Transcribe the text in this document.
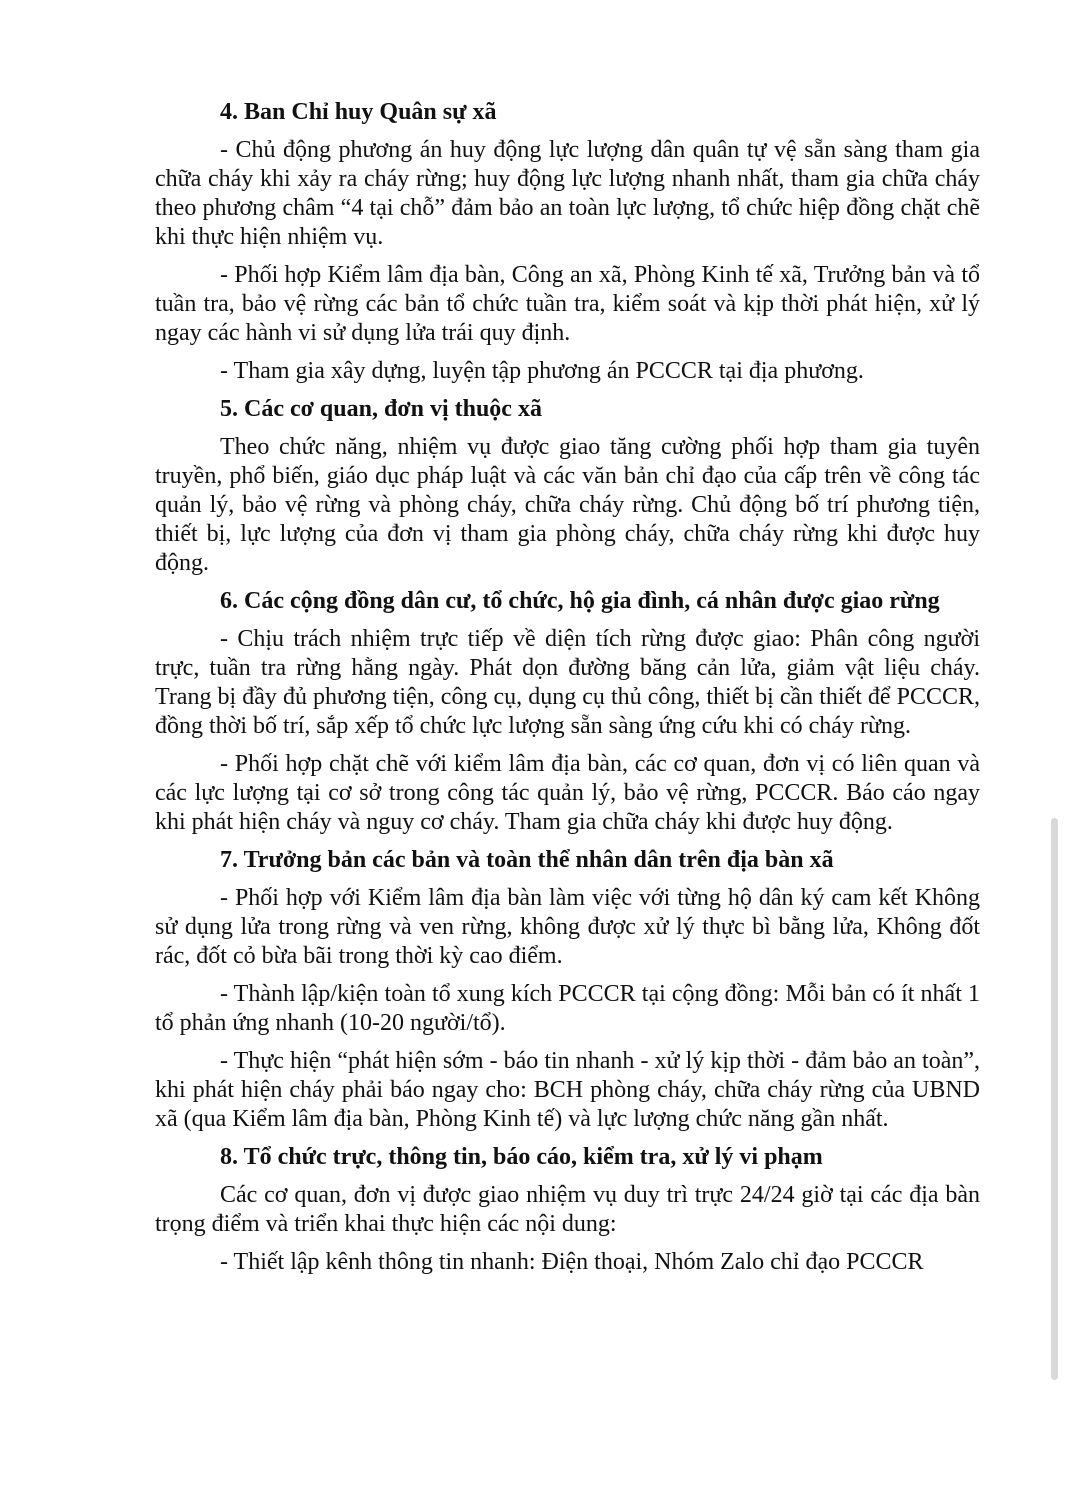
4. Ban Chỉ huy Quân sự xã
- Chủ động phương án huy động lực lượng dân quân tự vệ sẵn sàng tham gia chữa cháy khi xảy ra cháy rừng; huy động lực lượng nhanh nhất, tham gia chữa cháy theo phương châm “4 tại chỗ” đảm bảo an toàn lực lượng, tổ chức hiệp đồng chặt chẽ khi thực hiện nhiệm vụ.
- Phối hợp Kiểm lâm địa bàn, Công an xã, Phòng Kinh tế xã, Trưởng bản và tổ tuần tra, bảo vệ rừng các bản tổ chức tuần tra, kiểm soát và kịp thời phát hiện, xử lý ngay các hành vi sử dụng lửa trái quy định.
- Tham gia xây dựng, luyện tập phương án PCCCR tại địa phương.
5. Các cơ quan, đơn vị thuộc xã
Theo chức năng, nhiệm vụ được giao tăng cường phối hợp tham gia tuyên truyền, phổ biến, giáo dục pháp luật và các văn bản chỉ đạo của cấp trên về công tác quản lý, bảo vệ rừng và phòng cháy, chữa cháy rừng. Chủ động bố trí phương tiện, thiết bị, lực lượng của đơn vị tham gia phòng cháy, chữa cháy rừng khi được huy động.
6. Các cộng đồng dân cư, tổ chức, hộ gia đình, cá nhân được giao rừng
- Chịu trách nhiệm trực tiếp về diện tích rừng được giao: Phân công người trực, tuần tra rừng hằng ngày. Phát dọn đường băng cản lửa, giảm vật liệu cháy. Trang bị đầy đủ phương tiện, công cụ, dụng cụ thủ công, thiết bị cần thiết để PCCCR, đồng thời bố trí, sắp xếp tổ chức lực lượng sẵn sàng ứng cứu khi có cháy rừng.
- Phối hợp chặt chẽ với kiểm lâm địa bàn, các cơ quan, đơn vị có liên quan và các lực lượng tại cơ sở trong công tác quản lý, bảo vệ rừng, PCCCR. Báo cáo ngay khi phát hiện cháy và nguy cơ cháy. Tham gia chữa cháy khi được huy động.
7. Trưởng bản các bản và toàn thể nhân dân trên địa bàn xã
- Phối hợp với Kiểm lâm địa bàn làm việc với từng hộ dân ký cam kết Không sử dụng lửa trong rừng và ven rừng, không được xử lý thực bì bằng lửa, Không đốt rác, đốt cỏ bừa bãi trong thời kỳ cao điểm.
- Thành lập/kiện toàn tổ xung kích PCCCR tại cộng đồng: Mỗi bản có ít nhất 1 tổ phản ứng nhanh (10-20 người/tổ).
- Thực hiện “phát hiện sớm - báo tin nhanh - xử lý kịp thời - đảm bảo an toàn”, khi phát hiện cháy phải báo ngay cho: BCH phòng cháy, chữa cháy rừng của UBND xã (qua Kiểm lâm địa bàn, Phòng Kinh tế) và lực lượng chức năng gần nhất.
8. Tổ chức trực, thông tin, báo cáo, kiểm tra, xử lý vi phạm
Các cơ quan, đơn vị được giao nhiệm vụ duy trì trực 24/24 giờ tại các địa bàn trọng điểm và triển khai thực hiện các nội dung:
- Thiết lập kênh thông tin nhanh: Điện thoại, Nhóm Zalo chỉ đạo PCCCR
